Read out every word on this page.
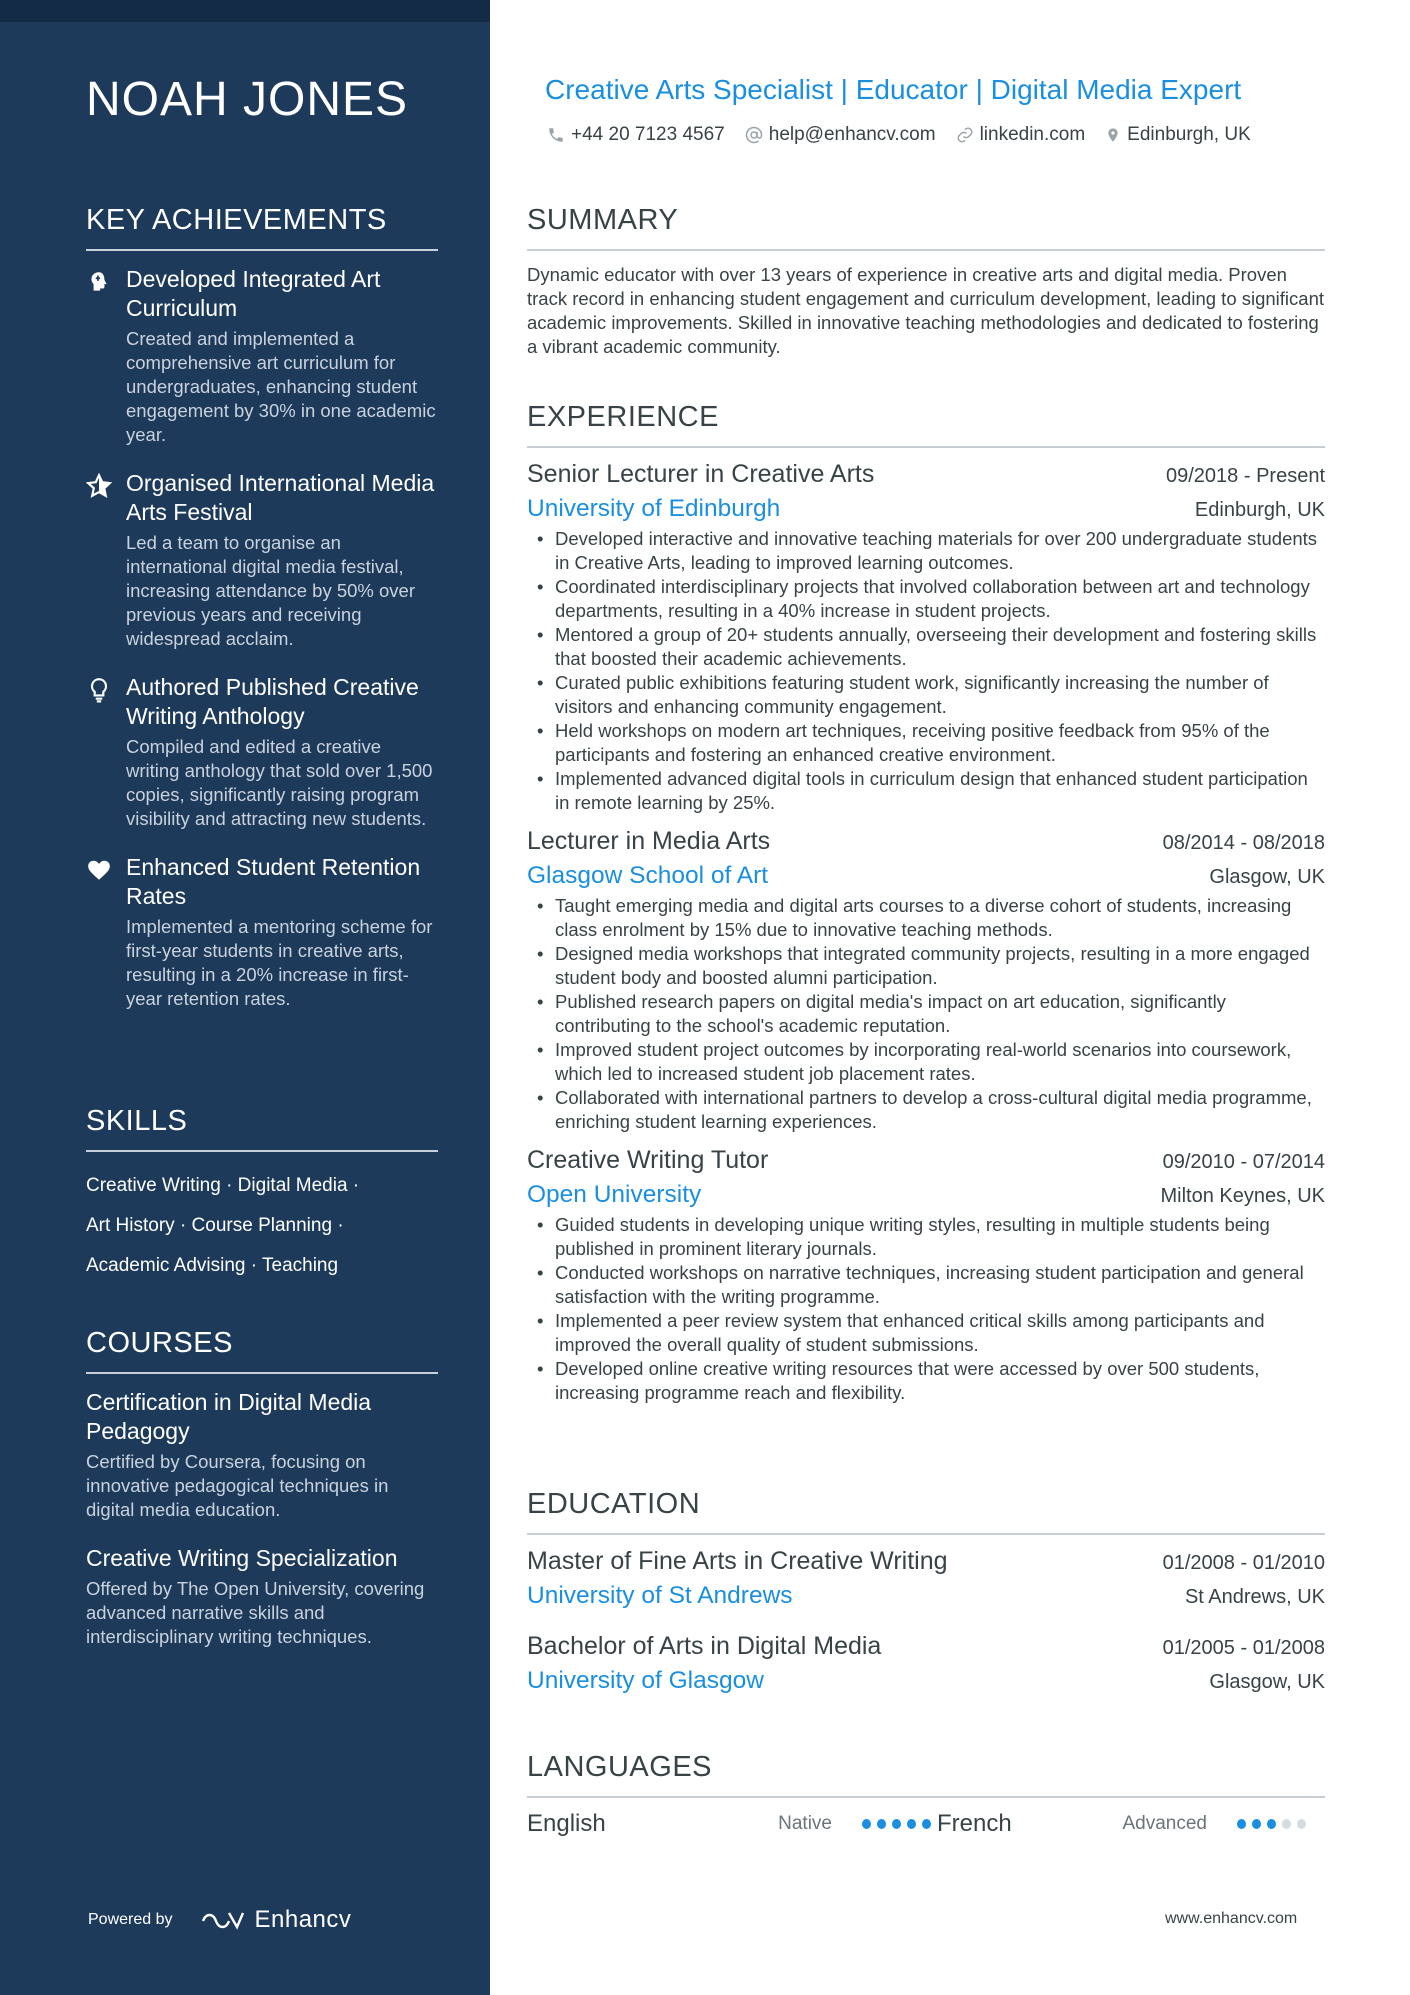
NOAH JONES
KEY ACHIEVEMENTS
Developed Integrated Art Curriculum
Created and implemented a comprehensive art curriculum for undergraduates, enhancing student engagement by 30% in one academic year.
Organised International Media Arts Festival
Led a team to organise an international digital media festival, increasing attendance by 50% over previous years and receiving widespread acclaim.
Authored Published Creative Writing Anthology
Compiled and edited a creative writing anthology that sold over 1,500 copies, significantly raising program visibility and attracting new students.
Enhanced Student Retention Rates
Implemented a mentoring scheme for first-year students in creative arts, resulting in a 20% increase in first-year retention rates.
SKILLS
Creative Writing · Digital Media ·
Art History · Course Planning ·
Academic Advising · Teaching
COURSES
Certification in Digital Media Pedagogy
Certified by Coursera, focusing on innovative pedagogical techniques in digital media education.
Creative Writing Specialization
Offered by The Open University, covering advanced narrative skills and interdisciplinary writing techniques.
Powered by	Enhancv
Creative Arts Specialist | Educator | Digital Media Expert
+44 20 7123 4567 help@enhancv.com linkedin.com Edinburgh, UK
SUMMARY
Dynamic educator with over 13 years of experience in creative arts and digital media. Proven track record in enhancing student engagement and curriculum development, leading to significant academic improvements. Skilled in innovative teaching methodologies and dedicated to fostering a vibrant academic community.
EXPERIENCE
Senior Lecturer in Creative Arts	09/2018 - Present
University of Edinburgh	Edinburgh, UK
• Developed interactive and innovative teaching materials for over 200 undergraduate students in Creative Arts, leading to improved learning outcomes.
• Coordinated interdisciplinary projects that involved collaboration between art and technology departments, resulting in a 40% increase in student projects.
• Mentored a group of 20+ students annually, overseeing their development and fostering skills that boosted their academic achievements.
• Curated public exhibitions featuring student work, significantly increasing the number of visitors and enhancing community engagement.
• Held workshops on modern art techniques, receiving positive feedback from 95% of the participants and fostering an enhanced creative environment.
• Implemented advanced digital tools in curriculum design that enhanced student participation in remote learning by 25%.
Lecturer in Media Arts	08/2014 - 08/2018
Glasgow School of Art	Glasgow, UK
• Taught emerging media and digital arts courses to a diverse cohort of students, increasing class enrolment by 15% due to innovative teaching methods.
• Designed media workshops that integrated community projects, resulting in a more engaged student body and boosted alumni participation.
• Published research papers on digital media's impact on art education, significantly contributing to the school's academic reputation.
• Improved student project outcomes by incorporating real-world scenarios into coursework, which led to increased student job placement rates.
• Collaborated with international partners to develop a cross-cultural digital media programme, enriching student learning experiences.
Creative Writing Tutor	09/2010 - 07/2014
Open University	Milton Keynes, UK
• Guided students in developing unique writing styles, resulting in multiple students being published in prominent literary journals.
• Conducted workshops on narrative techniques, increasing student participation and general satisfaction with the writing programme.
• Implemented a peer review system that enhanced critical skills among participants and improved the overall quality of student submissions.
• Developed online creative writing resources that were accessed by over 500 students, increasing programme reach and flexibility.
EDUCATION
Master of Fine Arts in Creative Writing	01/2008 - 01/2010
University of St Andrews	St Andrews, UK
Bachelor of Arts in Digital Media	01/2005 - 01/2008
University of Glasgow	Glasgow, UK
LANGUAGES
English	Native	French	Advanced
www.enhancv.com
